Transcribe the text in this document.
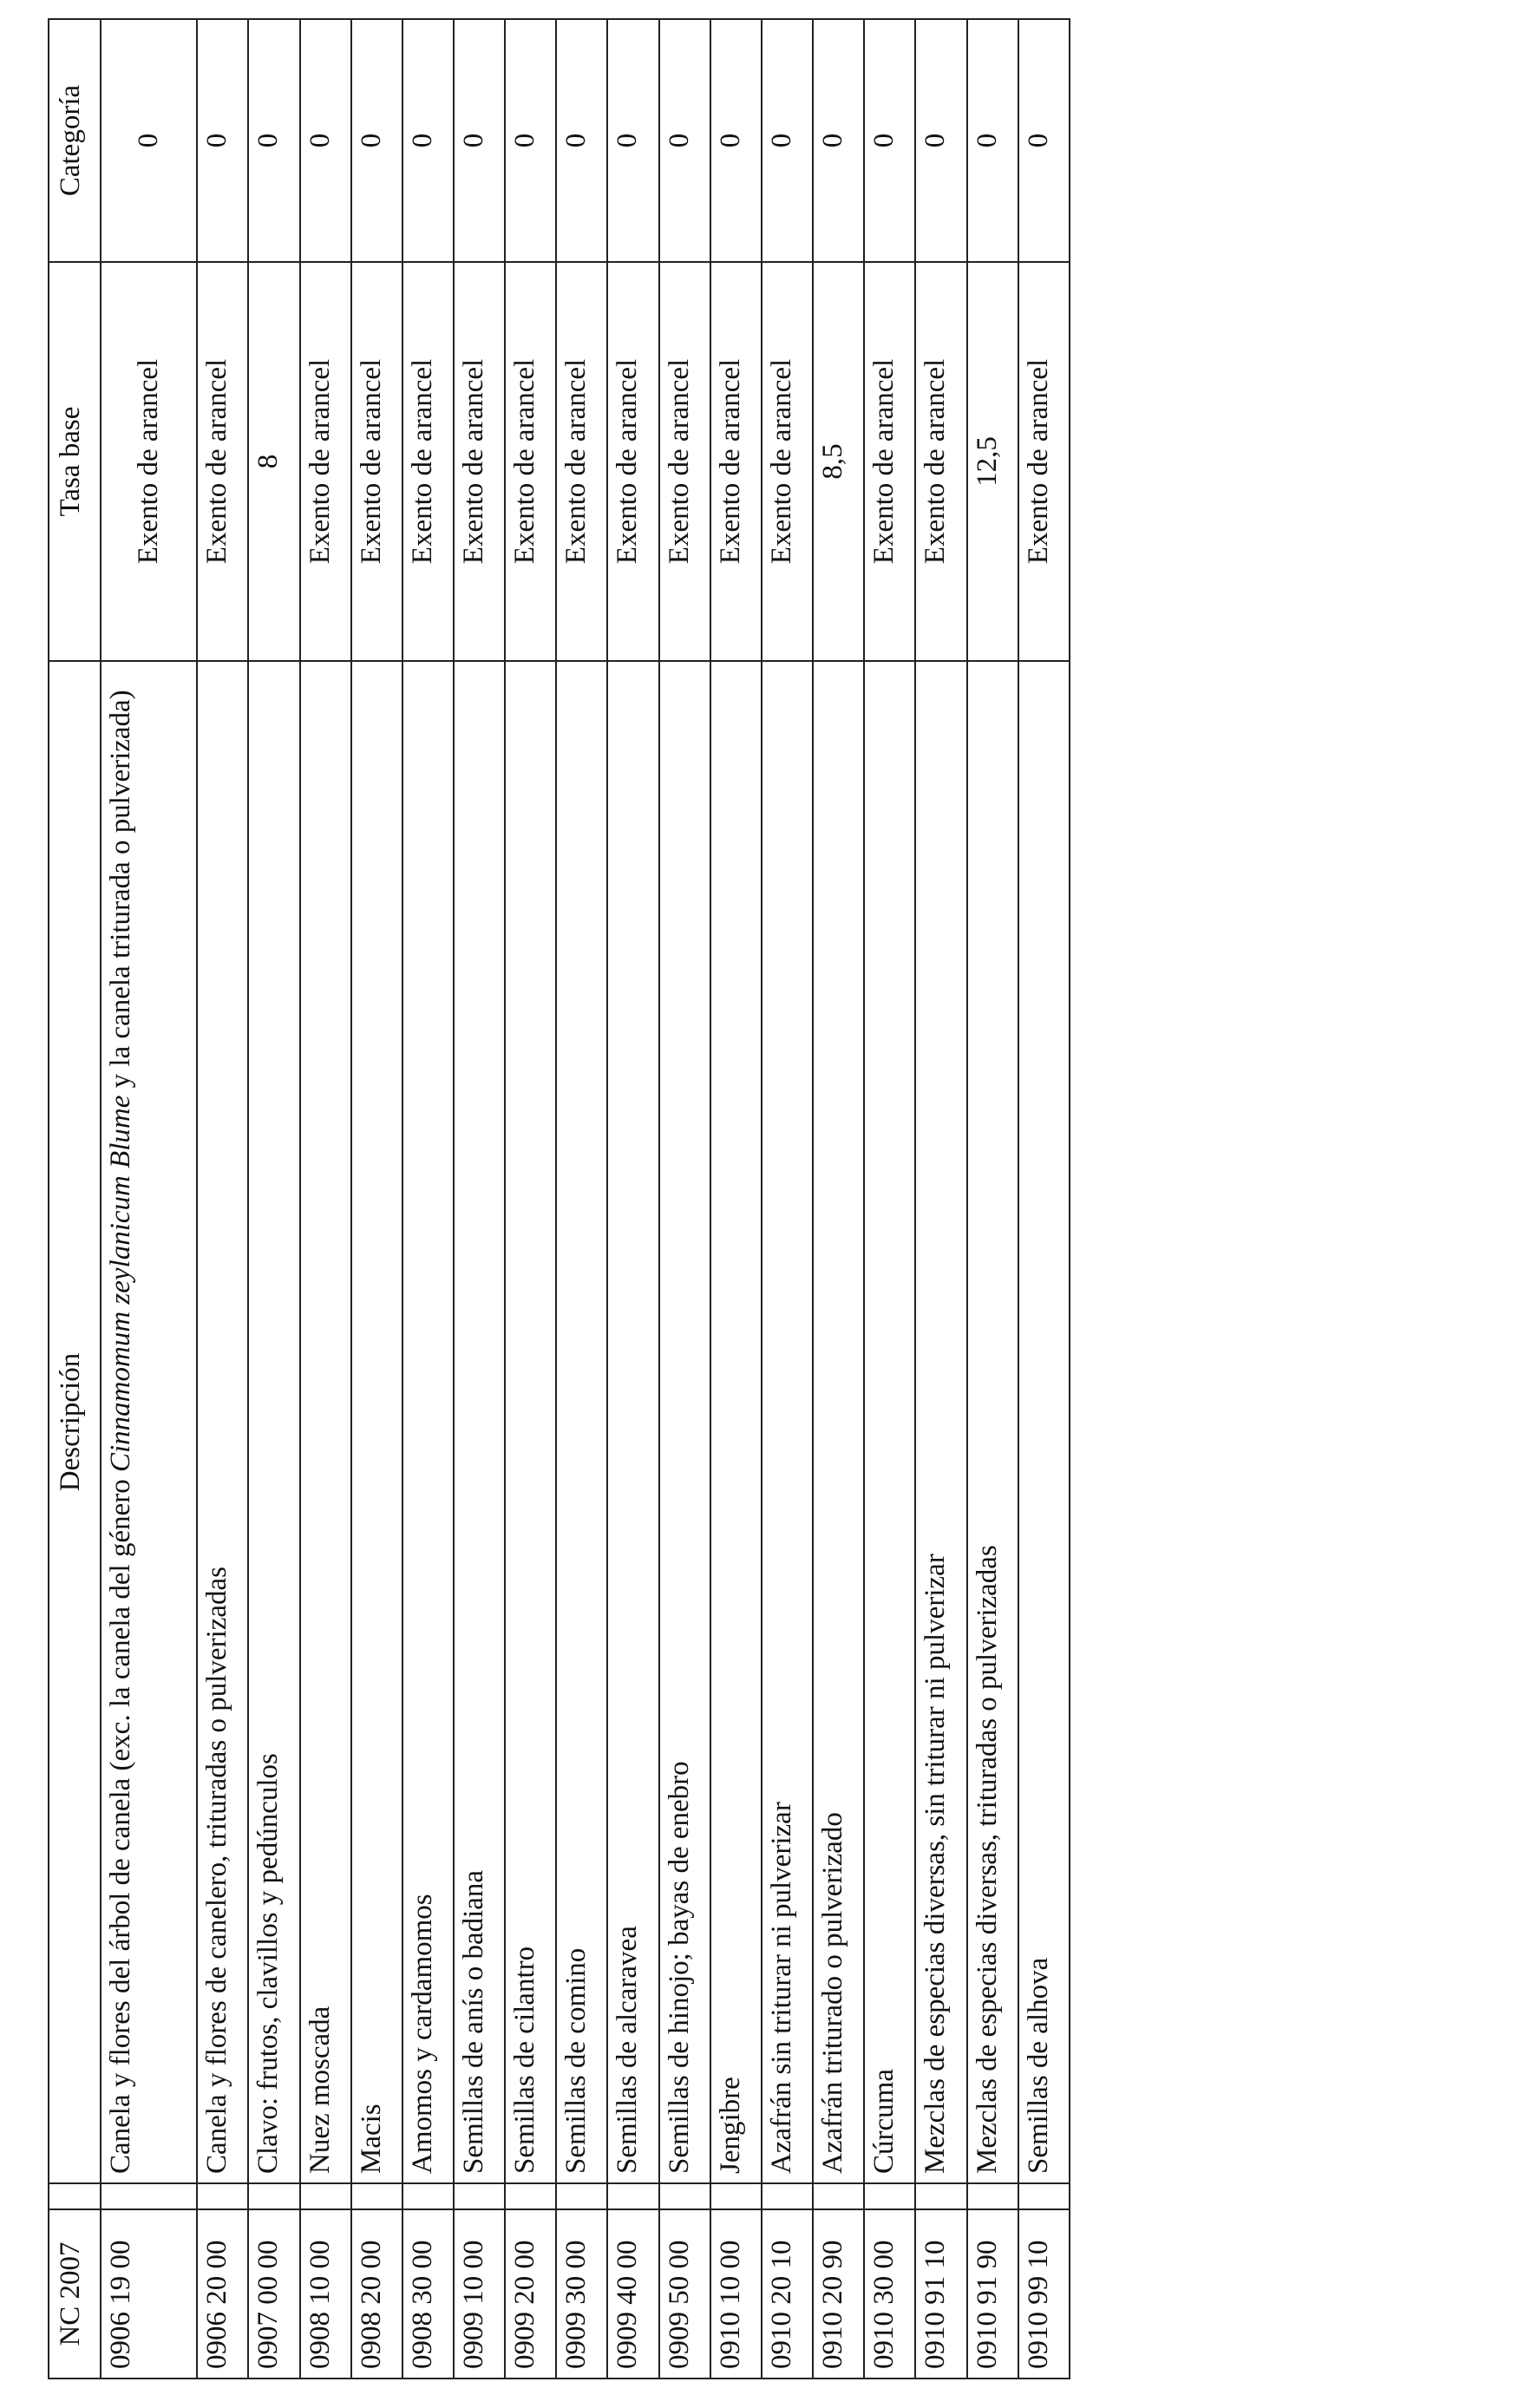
NC 2007		Descripción	Tasa base	Categoría
0906 19 00		Canela y flores del árbol de canela (exc. la canela del género Cinnamomum zeylanicum Blume y la canela triturada o pulverizada)	Exento de arancel	0
0906 20 00		Canela y flores de canelero, trituradas o pulverizadas	Exento de arancel	0
0907 00 00		Clavo: frutos, clavillos y pedúnculos	8	0
0908 10 00		Nuez moscada	Exento de arancel	0
0908 20 00		Macis	Exento de arancel	0
0908 30 00		Amomos y cardamomos	Exento de arancel	0
0909 10 00		Semillas de anís o badiana	Exento de arancel	0
0909 20 00		Semillas de cilantro	Exento de arancel	0
0909 30 00		Semillas de comino	Exento de arancel	0
0909 40 00		Semillas de alcaravea	Exento de arancel	0
0909 50 00		Semillas de hinojo; bayas de enebro	Exento de arancel	0
0910 10 00		Jengibre	Exento de arancel	0
0910 20 10		Azafrán sin triturar ni pulverizar	Exento de arancel	0
0910 20 90		Azafrán triturado o pulverizado	8,5	0
0910 30 00		Cúrcuma	Exento de arancel	0
0910 91 10		Mezclas de especias diversas, sin triturar ni pulverizar	Exento de arancel	0
0910 91 90		Mezclas de especias diversas, trituradas o pulverizadas	12,5	0
0910 99 10		Semillas de alhova	Exento de arancel	0
